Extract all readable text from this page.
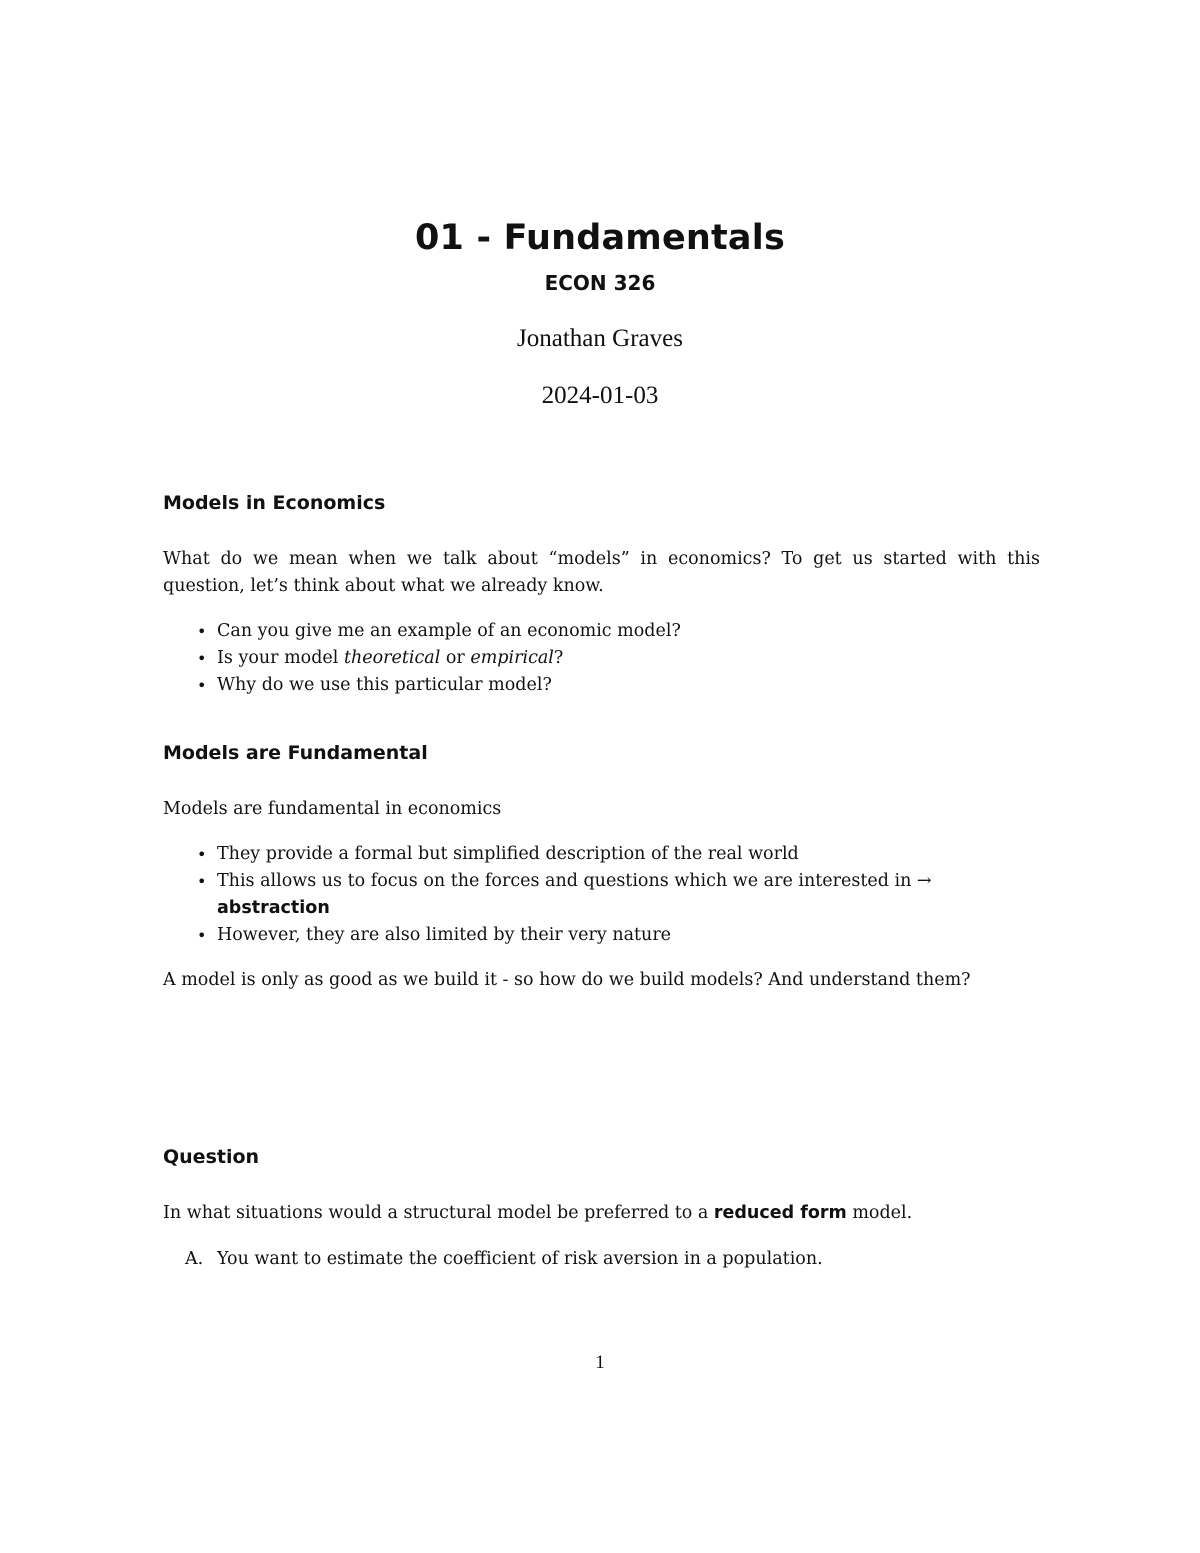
01 - Fundamentals
ECON 326
Jonathan Graves
2024-01-03
Models in Economics
What do we mean when we talk about “models” in economics? To get us started with this question, let’s think about what we already know.
• Can you give me an example of an economic model?
• Is your model theoretical or empirical?
• Why do we use this particular model?
Models are Fundamental
Models are fundamental in economics
• They provide a formal but simplified description of the real world
• This allows us to focus on the forces and questions which we are interested in → abstraction
• However, they are also limited by their very nature
A model is only as good as we build it - so how do we build models? And understand them?
Question
In what situations would a structural model be preferred to a reduced form model.
A. You want to estimate the coefficient of risk aversion in a population.
1
